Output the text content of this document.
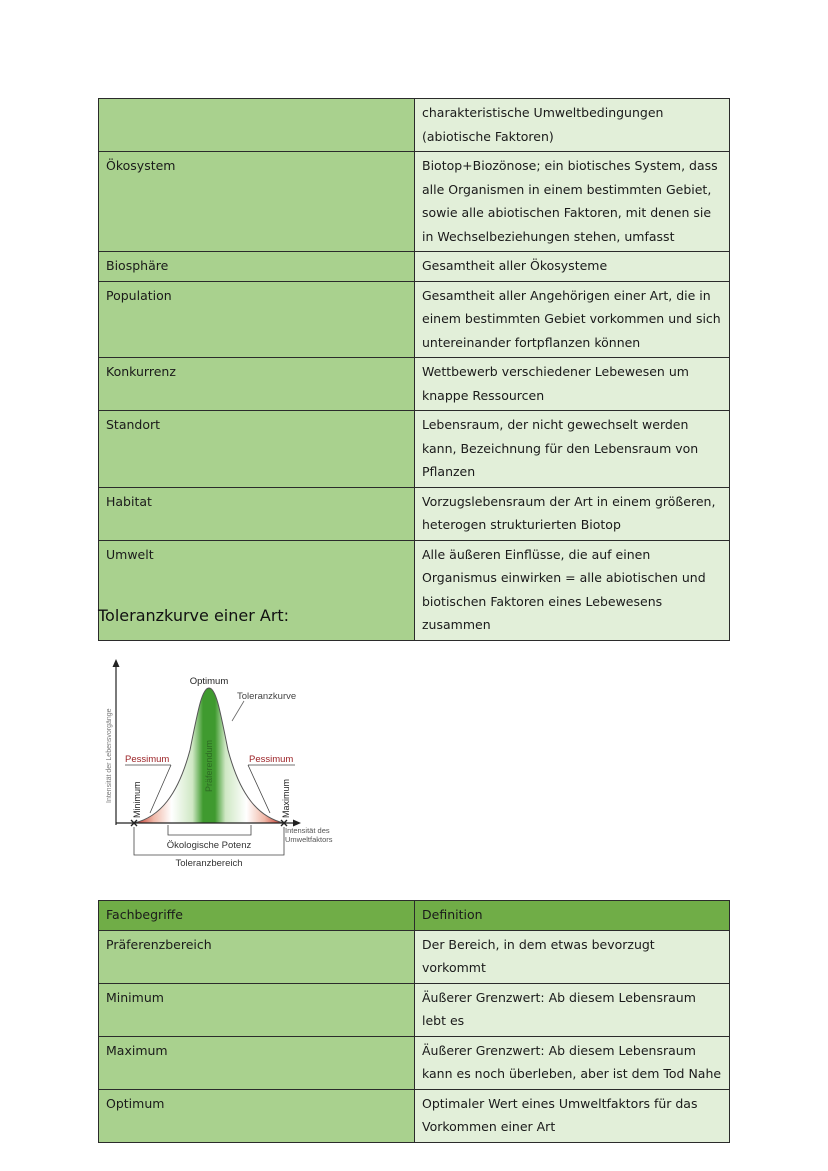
	charakteristische Umweltbedingungen (abiotische Faktoren)
Ökosystem	Biotop+Biozönose; ein biotisches System, dass alle Organismen in einem bestimmten Gebiet, sowie alle abiotischen Faktoren, mit denen sie in Wechselbeziehungen stehen, umfasst
Biosphäre	Gesamtheit aller Ökosysteme
Population	Gesamtheit aller Angehörigen einer Art, die in einem bestimmten Gebiet vorkommen und sich untereinander fortpflanzen können
Konkurrenz	Wettbewerb verschiedener Lebewesen um knappe Ressourcen
Standort	Lebensraum, der nicht gewechselt werden kann, Bezeichnung für den Lebensraum von Pflanzen
Habitat	Vorzugslebensraum der Art in einem größeren, heterogen strukturierten Biotop
Umwelt	Alle äußeren Einflüsse, die auf einen Organismus einwirken = alle abiotischen und biotischen Faktoren eines Lebewesens zusammen
Toleranzkurve einer Art:
Intensität der Lebensvorgänge
Intensität des
Umweltfaktors
Optimum
Toleranzkurve
Pessimum	Pessimum
Präferendum
Minimum	Maximum
Ökologische Potenz
Toleranzbereich
Fachbegriffe	Definition
Präferenzbereich	Der Bereich, in dem etwas bevorzugt vorkommt
Minimum	Äußerer Grenzwert: Ab diesem Lebensraum lebt es
Maximum	Äußerer Grenzwert: Ab diesem Lebensraum kann es noch überleben, aber ist dem Tod Nahe
Optimum	Optimaler Wert eines Umweltfaktors für das Vorkommen einer Art
